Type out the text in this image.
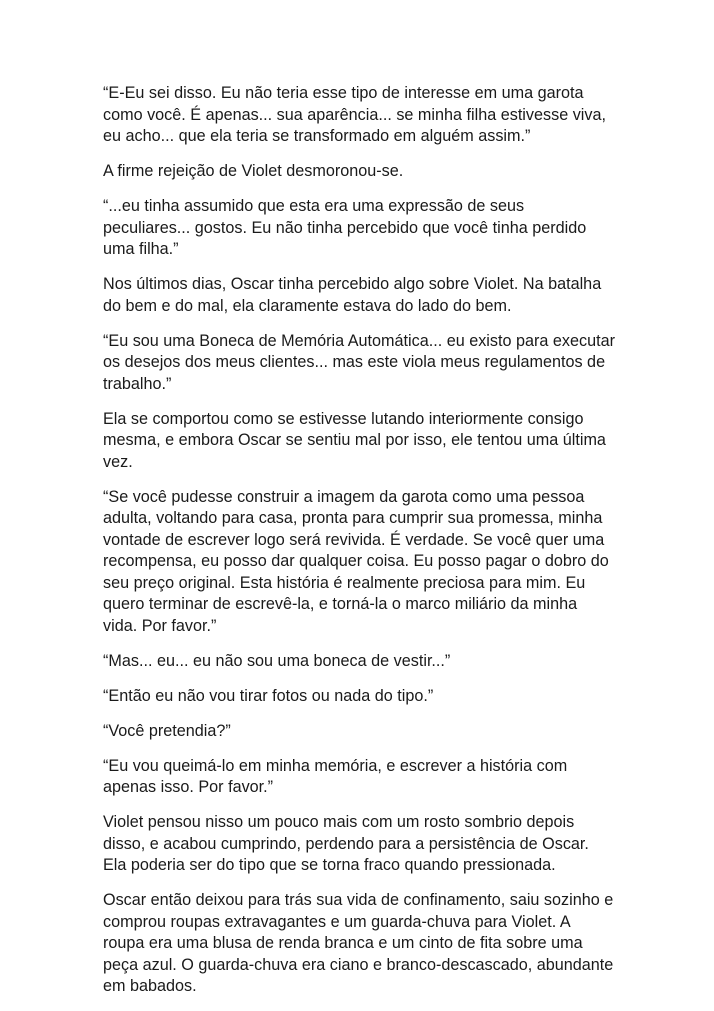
“E-Eu sei disso. Eu não teria esse tipo de interesse em uma garota como você. É apenas... sua aparência... se minha filha estivesse viva, eu acho... que ela teria se transformado em alguém assim.”

A firme rejeição de Violet desmoronou-se.

“...eu tinha assumido que esta era uma expressão de seus peculiares... gostos. Eu não tinha percebido que você tinha perdido uma filha.”

Nos últimos dias, Oscar tinha percebido algo sobre Violet. Na batalha do bem e do mal, ela claramente estava do lado do bem.

“Eu sou uma Boneca de Memória Automática... eu existo para executar os desejos dos meus clientes... mas este viola meus regulamentos de trabalho.”

Ela se comportou como se estivesse lutando interiormente consigo mesma, e embora Oscar se sentiu mal por isso, ele tentou uma última vez.

“Se você pudesse construir a imagem da garota como uma pessoa adulta, voltando para casa, pronta para cumprir sua promessa, minha vontade de escrever logo será revivida. É verdade. Se você quer uma recompensa, eu posso dar qualquer coisa. Eu posso pagar o dobro do seu preço original. Esta história é realmente preciosa para mim. Eu quero terminar de escrevê-la, e torná-la o marco miliário da minha vida. Por favor.”

“Mas... eu... eu não sou uma boneca de vestir...”

“Então eu não vou tirar fotos ou nada do tipo.”

“Você pretendia?”

“Eu vou queimá-lo em minha memória, e escrever a história com apenas isso. Por favor.”

Violet pensou nisso um pouco mais com um rosto sombrio depois disso, e acabou cumprindo, perdendo para a persistência de Oscar. Ela poderia ser do tipo que se torna fraco quando pressionada.

Oscar então deixou para trás sua vida de confinamento, saiu sozinho e comprou roupas extravagantes e um guarda-chuva para Violet. A roupa era uma blusa de renda branca e um cinto de fita sobre uma peça azul. O guarda-chuva era ciano e branco-descascado, abundante em babados.
